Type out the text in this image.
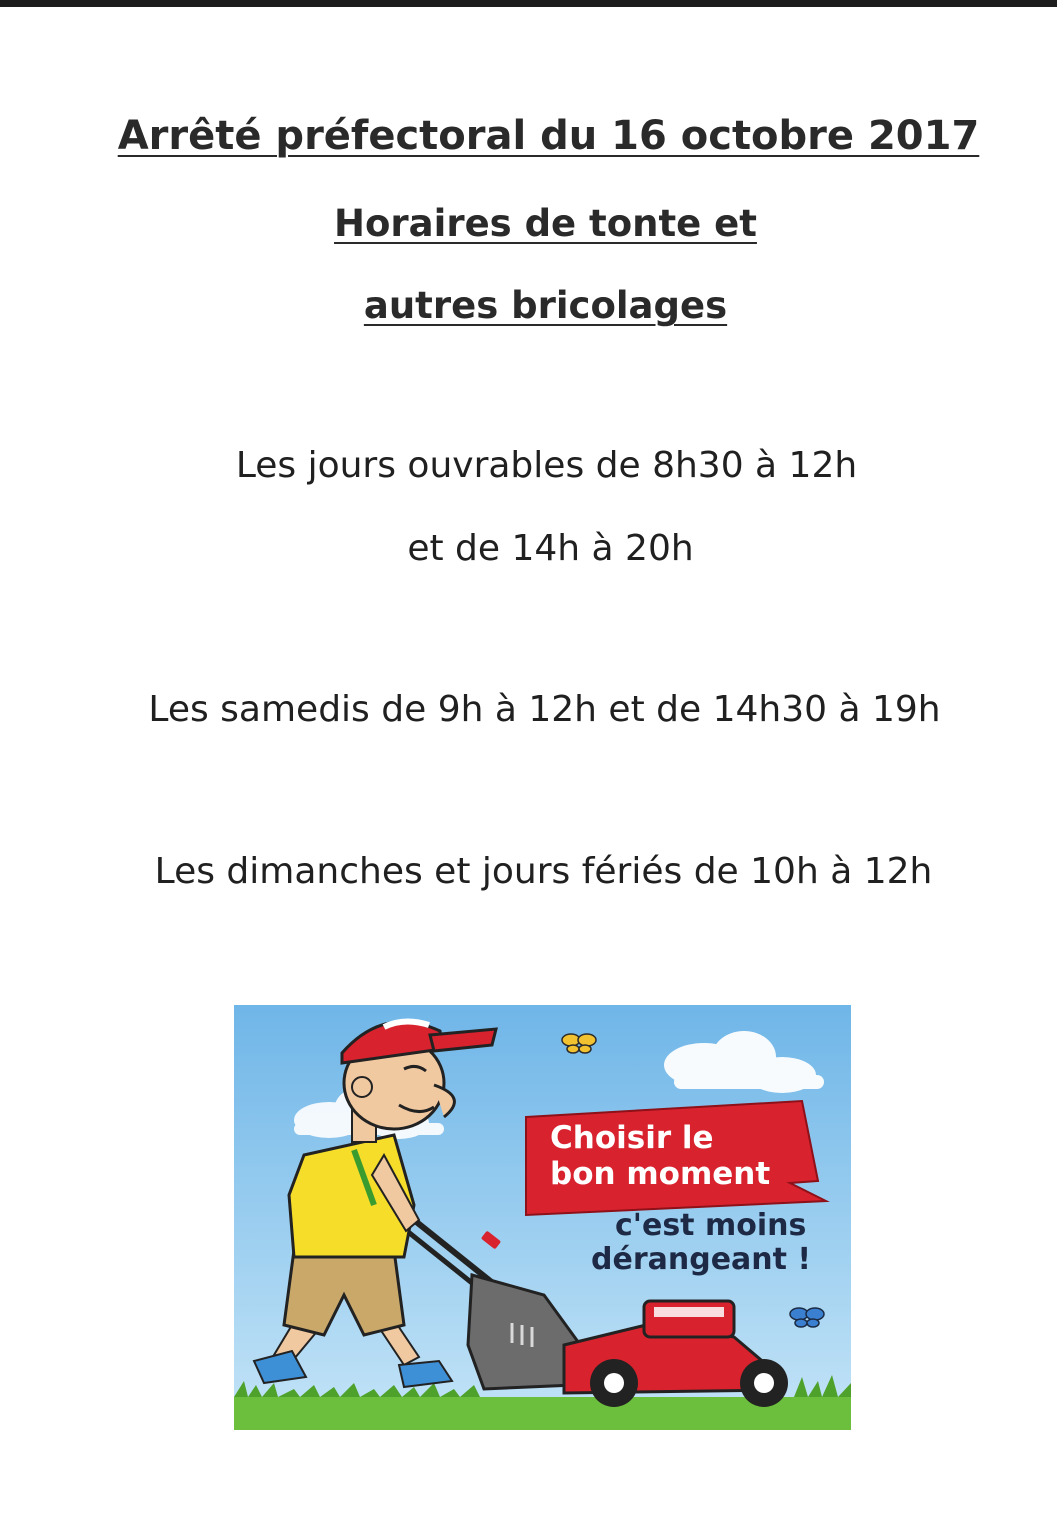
Arrêté préfectoral du 16 octobre 2017
Horaires de tonte et
autres bricolages
Les jours ouvrables de 8h30 à 12h
et de 14h à 20h
Les samedis de 9h à 12h et de 14h30 à 19h
Les dimanches et jours fériés de 10h à 12h
Choisir le
bon moment
c'est moins
dérangeant !
